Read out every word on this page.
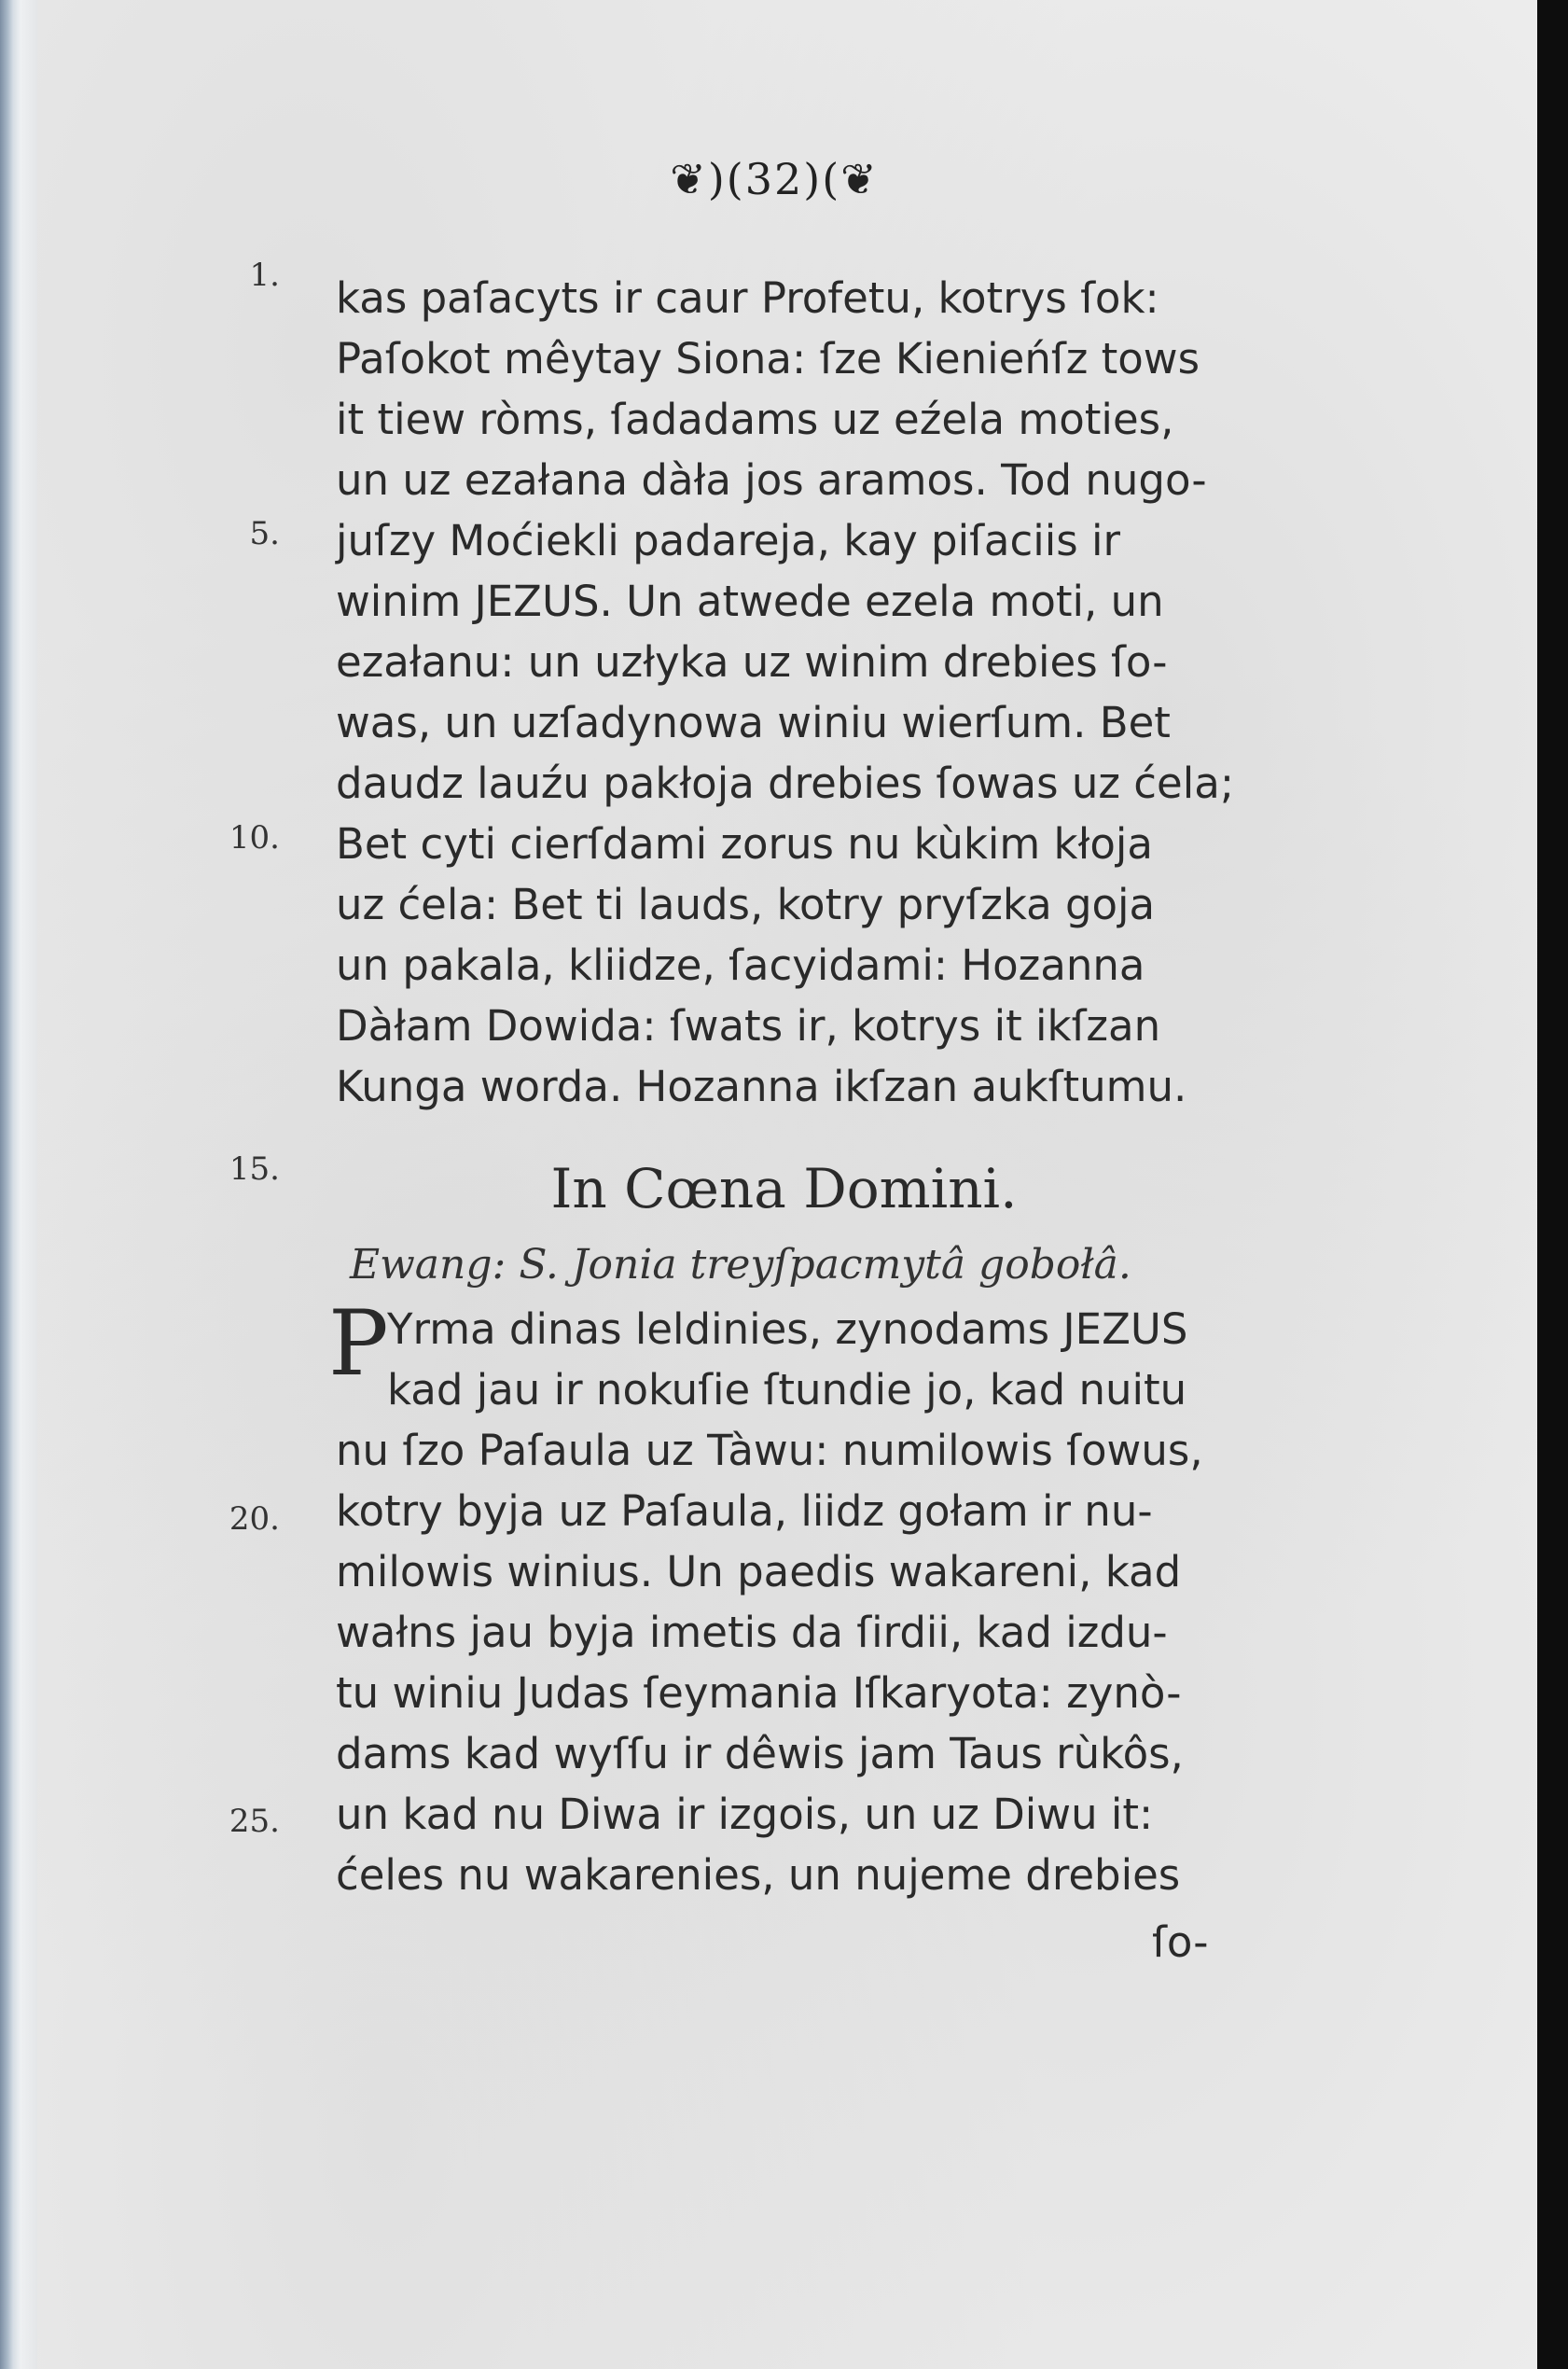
❦)(32)(❦
1.
5.
10.
15.
20.
25.
kas paſacyts ir caur Profetu, kotrys ſok:
Paſokot mêytay Siona: ſze Kienieńſz tows
it tiew ròms, ſadadams uz eźela moties,
un uz ezałana dàła jos aramos. Tod nugo-
juſzy Moćiekli padareja, kay piſaciis ir
winim JEZUS. Un atwede ezela moti, un
ezałanu: un uzłyka uz winim drebies ſo-
was, un uzſadynowa winiu wierſum. Bet
daudz lauźu pakłoja drebies ſowas uz ćela;
Bet cyti cierſdami zorus nu kùkim kłoja
uz ćela: Bet ti lauds, kotry pryſzka goja
un pakala, kliidze, ſacyidami: Hozanna
Dàłam Dowida: ſwats ir, kotrys it ikſzan
Kunga worda. Hozanna ikſzan aukſtumu.
In Cœna Domini.
Ewang: S. Jonia treyſpacmytâ gobołâ.
P
Yrma dinas leldinies, zynodams JEZUS
kad jau ir nokuſie ſtundie jo, kad nuitu
nu ſzo Paſaula uz Tàwu: numilowis ſowus,
kotry byja uz Paſaula, liidz gołam ir nu-
milowis winius. Un paedis wakareni, kad
wałns jau byja imetis da ſirdii, kad izdu-
tu winiu Judas ſeymania Iſkaryota: zynò-
dams kad wyſſu ir dêwis jam Taus rùkôs,
un kad nu Diwa ir izgois, un uz Diwu it:
ćeles nu wakarenies, un nujeme drebies
ſo-
